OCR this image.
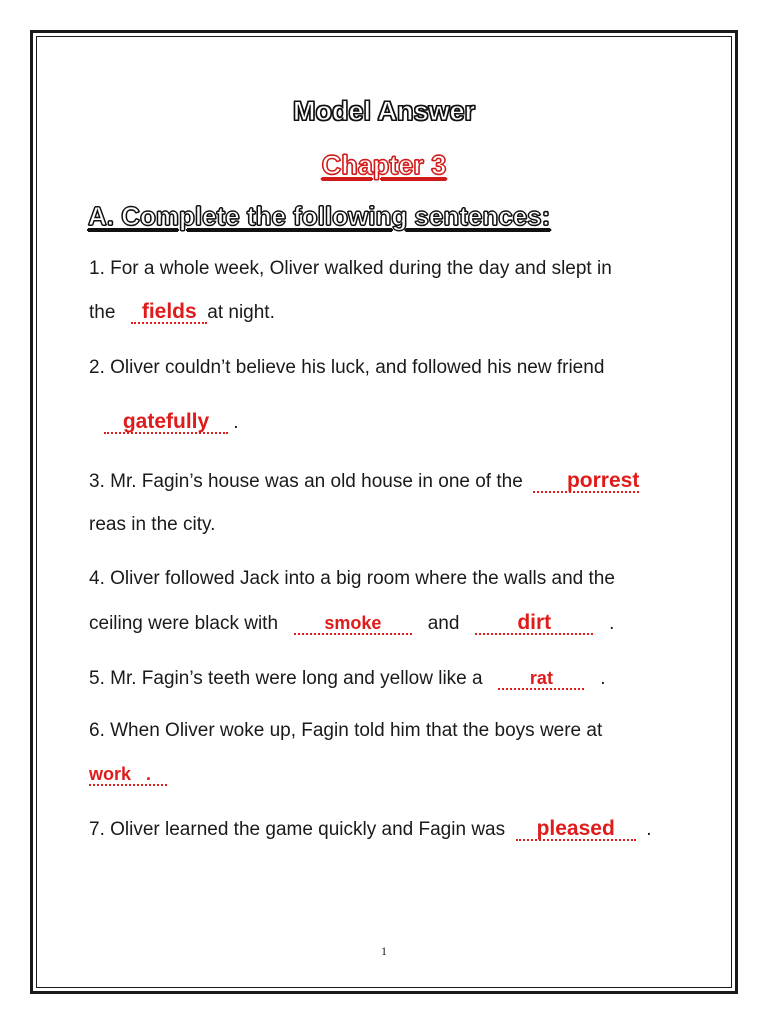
Model Answer
Chapter 3
A. Complete the following sentences:
1. For a whole week, Oliver walked during the day and slept in
the fields at night.
2. Oliver couldn’t believe his luck, and followed his new friend
gatefully .
3. Mr. Fagin’s house was an old house in one of the porrest
reas in the city.
4. Oliver followed Jack into a big room where the walls and the
ceiling were black with	smoke and	dirt	.
5. Mr. Fagin’s teeth were long and yellow like a	rat .
6. When Oliver woke up, Fagin told him that the boys were at
work .
7. Oliver learned the game quickly and Fagin was pleased .
1
